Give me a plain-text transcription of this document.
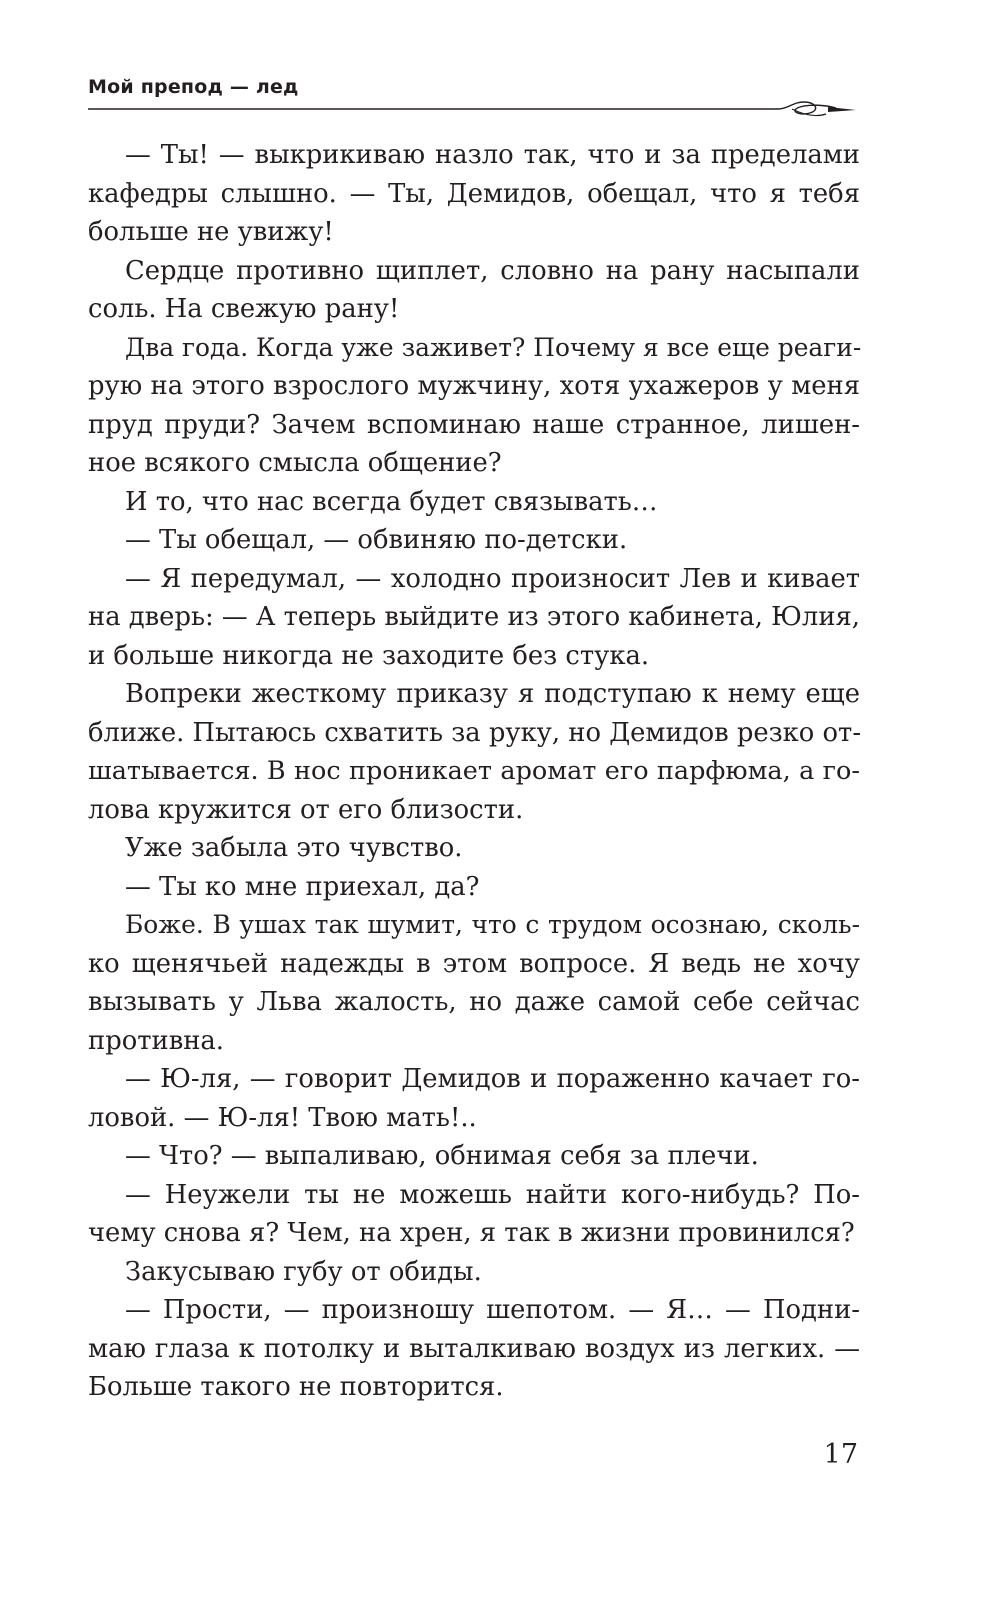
Мой препод — лед
— Ты! — выкрикиваю назло так, что и за пределами
кафедры слышно. — Ты, Демидов, обещал, что я тебя
больше не увижу!
Сердце противно щиплет, словно на рану насыпали
соль. На свежую рану!
Два года. Когда уже заживет? Почему я все еще реаги-
рую на этого взрослого мужчину, хотя ухажеров у меня
пруд пруди? Зачем вспоминаю наше странное, лишен-
ное всякого смысла общение?
И то, что нас всегда будет связывать…
— Ты обещал, — обвиняю по-детски.
— Я передумал, — холодно произносит Лев и кивает
на дверь: — А теперь выйдите из этого кабинета, Юлия,
и больше никогда не заходите без стука.
Вопреки жесткому приказу я подступаю к нему еще
ближе. Пытаюсь схватить за руку, но Демидов резко от-
шатывается. В нос проникает аромат его парфюма, а го-
лова кружится от его близости.
Уже забыла это чувство.
— Ты ко мне приехал, да?
Боже. В ушах так шумит, что с трудом осознаю, сколь-
ко щенячьей надежды в этом вопросе. Я ведь не хочу
вызывать у Льва жалость, но даже самой себе сейчас
противна.
— Ю-ля, — говорит Демидов и пораженно качает го-
ловой. — Ю-ля! Твою мать!..
— Что? — выпаливаю, обнимая себя за плечи.
— Неужели ты не можешь найти кого-нибудь? По-
чему снова я? Чем, на хрен, я так в жизни провинился?
Закусываю губу от обиды.
— Прости, — произношу шепотом. — Я… — Подни-
маю глаза к потолку и выталкиваю воздух из легких. —
Больше такого не повторится.
17
